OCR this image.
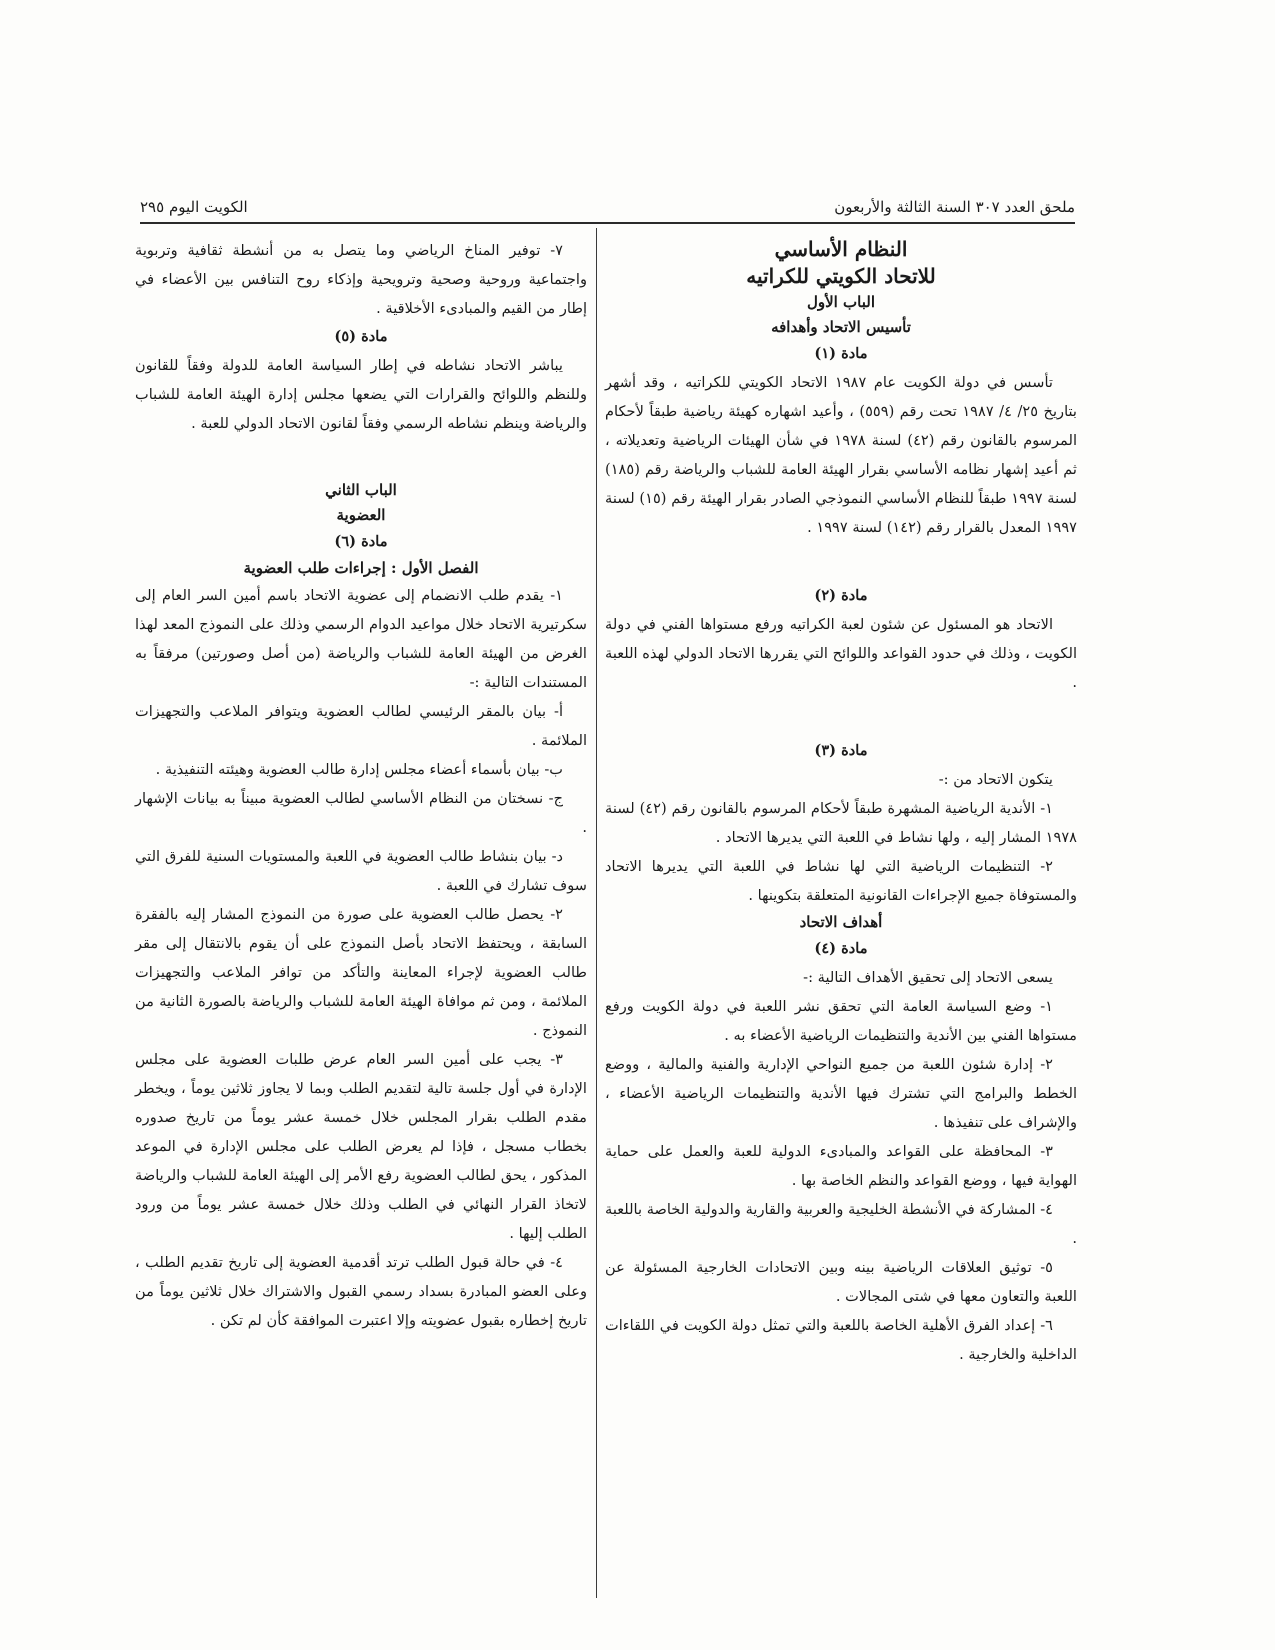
ملحق العدد ٣٠٧ السنة الثالثة والأربعون
الكويت اليوم ٢٩٥
النظام الأساسي
للاتحاد الكويتي للكراتيه
الباب الأول
تأسيس الاتحاد وأهدافه
مادة (١)

تأسس في دولة الكويت عام ١٩٨٧ الاتحاد الكويتي للكراتيه ، وقد أشهر بتاريخ ٢٥/ ٤/ ١٩٨٧ تحت رقم (٥٥٩) ، وأعيد اشهاره كهيئة رياضية طبقاً لأحكام المرسوم بالقانون رقم (٤٢) لسنة ١٩٧٨ في شأن الهيئات الرياضية وتعديلاته ، ثم أعيد إشهار نظامه الأساسي بقرار الهيئة العامة للشباب والرياضة رقم (١٨٥) لسنة ١٩٩٧ طبقاً للنظام الأساسي النموذجي الصادر بقرار الهيئة رقم (١٥) لسنة ١٩٩٧ المعدل بالقرار رقم (١٤٢) لسنة ١٩٩٧ .

مادة (٢)

الاتحاد هو المسئول عن شئون لعبة الكراتيه ورفع مستواها الفني في دولة الكويت ، وذلك في حدود القواعد واللوائح التي يقررها الاتحاد الدولي لهذه اللعبة .

مادة (٣)

يتكون الاتحاد من :-

١- الأندية الرياضية المشهرة طبقاً لأحكام المرسوم بالقانون رقم (٤٢) لسنة ١٩٧٨ المشار إليه ، ولها نشاط في اللعبة التي يديرها الاتحاد .

٢- التنظيمات الرياضية التي لها نشاط في اللعبة التي يديرها الاتحاد والمستوفاة جميع الإجراءات القانونية المتعلقة بتكوينها .

أهداف الاتحاد
مادة (٤)

يسعى الاتحاد إلى تحقيق الأهداف التالية :-

١- وضع السياسة العامة التي تحقق نشر اللعبة في دولة الكويت ورفع مستواها الفني بين الأندية والتنظيمات الرياضية الأعضاء به .

٢- إدارة شئون اللعبة من جميع النواحي الإدارية والفنية والمالية ، ووضع الخطط والبرامج التي تشترك فيها الأندية والتنظيمات الرياضية الأعضاء ، والإشراف على تنفيذها .

٣- المحافظة على القواعد والمبادىء الدولية للعبة والعمل على حماية الهواية فيها ، ووضع القواعد والنظم الخاصة بها .

٤- المشاركة في الأنشطة الخليجية والعربية والقارية والدولية الخاصة باللعبة .

٥- توثيق العلاقات الرياضية بينه وبين الاتحادات الخارجية المسئولة عن اللعبة والتعاون معها في شتى المجالات .

٦- إعداد الفرق الأهلية الخاصة باللعبة والتي تمثل دولة الكويت في اللقاءات الداخلية والخارجية .

٧- توفير المناخ الرياضي وما يتصل به من أنشطة ثقافية وتربوية واجتماعية وروحية وصحية وترويحية وإذكاء روح التنافس بين الأعضاء في إطار من القيم والمبادىء الأخلاقية .

مادة (٥)

يباشر الاتحاد نشاطه في إطار السياسة العامة للدولة وفقاً للقانون وللنظم واللوائح والقرارات التي يضعها مجلس إدارة الهيئة العامة للشباب والرياضة وينظم نشاطه الرسمي وفقاً لقانون الاتحاد الدولي للعبة .

الباب الثاني
العضوية
مادة (٦)
الفصل الأول : إجراءات طلب العضوية

١- يقدم طلب الانضمام إلى عضوية الاتحاد باسم أمين السر العام إلى سكرتيرية الاتحاد خلال مواعيد الدوام الرسمي وذلك على النموذج المعد لهذا الغرض من الهيئة العامة للشباب والرياضة (من أصل وصورتين) مرفقاً به المستندات التالية :-

أ- بيان بالمقر الرئيسي لطالب العضوية ويتوافر الملاعب والتجهيزات الملائمة .

ب- بيان بأسماء أعضاء مجلس إدارة طالب العضوية وهيئته التنفيذية .

ج- نسختان من النظام الأساسي لطالب العضوية مبيناً به بيانات الإشهار .

د- بيان بنشاط طالب العضوية في اللعبة والمستويات السنية للفرق التي سوف تشارك في اللعبة .

٢- يحصل طالب العضوية على صورة من النموذج المشار إليه بالفقرة السابقة ، ويحتفظ الاتحاد بأصل النموذج على أن يقوم بالانتقال إلى مقر طالب العضوية لإجراء المعاينة والتأكد من توافر الملاعب والتجهيزات الملائمة ، ومن ثم موافاة الهيئة العامة للشباب والرياضة بالصورة الثانية من النموذج .

٣- يجب على أمين السر العام عرض طلبات العضوية على مجلس الإدارة في أول جلسة تالية لتقديم الطلب وبما لا يجاوز ثلاثين يوماً ، ويخطر مقدم الطلب بقرار المجلس خلال خمسة عشر يوماً من تاريخ صدوره بخطاب مسجل ، فإذا لم يعرض الطلب على مجلس الإدارة في الموعد المذكور ، يحق لطالب العضوية رفع الأمر إلى الهيئة العامة للشباب والرياضة لاتخاذ القرار النهائي في الطلب وذلك خلال خمسة عشر يوماً من ورود الطلب إليها .

٤- في حالة قبول الطلب ترتد أقدمية العضوية إلى تاريخ تقديم الطلب ، وعلى العضو المبادرة بسداد رسمي القبول والاشتراك خلال ثلاثين يوماً من تاريخ إخطاره بقبول عضويته وإلا اعتبرت الموافقة كأن لم تكن .
